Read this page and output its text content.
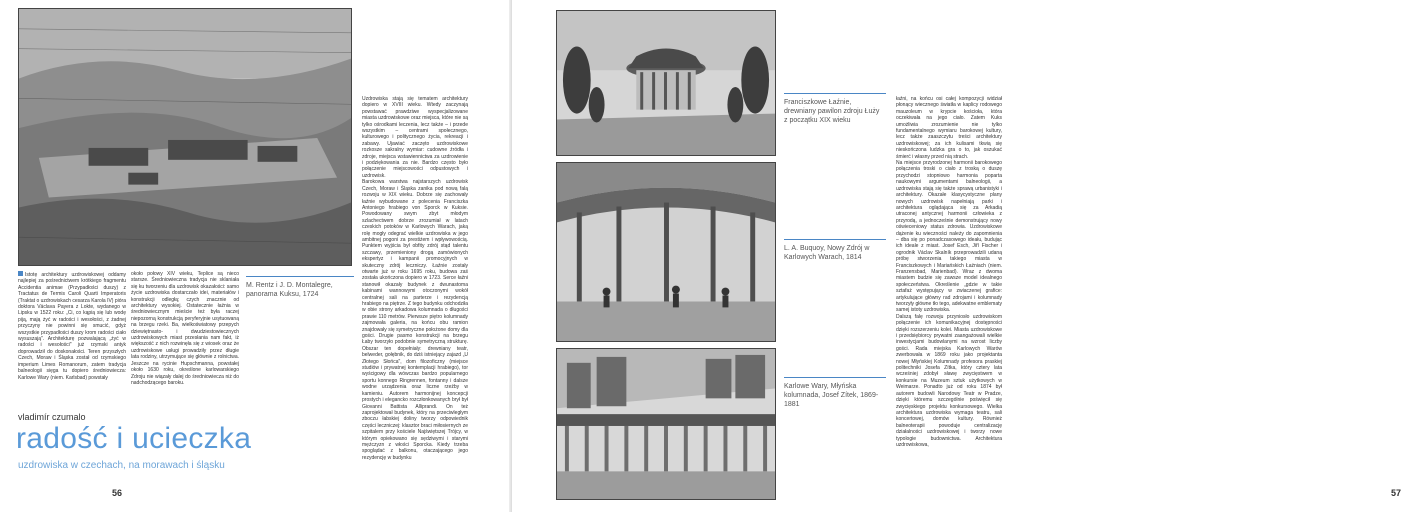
Istotę architektury uzdrowiskowej oddamy najlepiej za pośrednictwem krótkiego fragmentu Accidentia animae (Przypadłości duszy) z Tractatus de Termis Caroli Quarti Imperatoris (Traktat o uzdrowiskach cesarza Karola IV) pióra doktora Václava Payera z Lokte, wydanego w Lipsku w 1522 roku: „Ci, co kąpią się lub wodę piją, mają żyć w radości i wesołości, z żadnej przyczyny nie powinni się smucić, gdyż wszystkie przypadłości duszy krom radości ciało wysuszają". Architekturę pozwalającą „żyć w radości i wesołości" już rzymski antyk doprowadził do doskonałości. Teren przyszłych Czech, Moraw i Śląska został od rzymskiego imperium Limes Romanorum, zatem tradycja balneologii sięga tu dopiero średniowiecza: Karlowe Wary (niem. Karlsbad) powstały

około połowy XIV wieku, Teplice są nieco starsze. Średniowieczna tradycja nie sklaniała się ku tworzeniu dla uzdrowisk okazałości: samo życie uzdrowiska dostarczało idei, materiałów i konstrukcji odległą; czych znacznie od architektury wysokiej. Ostatecznie łaźnia w średniowiecznym mieście też była raczej niepozorną konstrukcją peryferyjnie usytuowaną na brzegu rzeki. Ba, wielkoświatowy przepych dziewiętnasto- i dwudziestowiecznych uzdrowiskowych miast przesłania nam fakt, iż większość z nich rozwinęła się z wiosek oraz że uzdrowiskowe usługi prowadziły przez długie lata rodziny, utrzymujące się głównie z rolnictwa. Jeszcze na rycinie Hupschmanna, powstałej około 1630 roku, określone karlowarskiego Zdroju nie wiązały dalej do średniowiecza niż do nadchodzącego baroku.

M. Rentz i J. D. Montalegre, panorama Kuksu, 1724
vladimír czumalo
radość i ucieczka
uzdrowiska w czechach, na morawach i śląsku

Uzdrowiska stają się tematem architektury dopiero w XVIII wieku. Wtedy zaczynają powstawać prawdziwe wyspecjalizowane miasta uzdrowiskowe oraz miejsca, które nie są tylko ośrodkami leczenia, lecz także – i przede wszystkim – centrami społecznego, kulturowego i politycznego życia, rekreacji i zabawy. Ujawiać zaczęto uzdrowiskowe rozkosze sakralny wymiar: cudowne źródła i zdroje, miejsca wstawiennictwa za uzdrowienie i podziękowania za nie. Bardzo często było połączenie miejscowości odpustowych i uzdrowisk.

Barokowa warstwa najstarszych uzdrowisk Czech, Moraw i Śląska zanika pod nową falą rozwoju w XIX wieku. Dobrze się zachowały łaźnie wybudowane z polecenia Franciszka Antoniego hrabiego von Sporck w Kuksie. Powodowany swym zbyt młodym szlachectwem dobrze zrozumiał w latach czeskich potoków w Karlowych Warach, jaką rolę mogły odegrać wielkie uzdrowiska w jego ambitnej pogoni za prestiżem i wpływowością. Punktem wyjścia był obfity zdrój stąd talentu szczawy, przemieniony drogą zamówionych ekspertyz i kampanii promocyjnych w skuteczny zdrój leczniczy. Łaźnie zostały otwarte już w roku 1695 roku, budowa zaś została ukończona dopiero w 1723. Serce łaźni stanowił okazały budynek z dwunastoma kabinami wannowymi otoczonymi wokół centralnej sali na parterze i rezydencją hrabiego na piętrze. Z tego budynku odchodziła w obie strony arkadowa kolumnada o długości prawie 110 metrów. Pierwsze piętro kolumnady zajmowała galeria, na końcu obu ramion znajdowały się symetryczne położone domy dla gości. Drugie pasmo konstrukcji na brzegu Łaby tworzyło podobnie symetryczną strukturę. Obszar ten dopełniały: drewniany teatr, belweder, gołębnik, do dziś istniejący zajazd „U Złotego Słońca", dom filozoficzny (miejsce studiów i prywatnej kontemplacji hrabiego), tor wyścigowy dla wówczas bardzo popularnego sportu konnego Ringrennen, fontanny i dalsze wodne urządzenia oraz liczne rzeźby w kamieniu. Autorem harmonijnej koncepcji prostych i elegancko rozczłonkowanych brył był Giovanni Battista Alliprandi. On też zaprojektował budynek, który na przeciwległym zboczu łabskiej doliny tworzy odpowiednik części leczniczej: klasztor braci miłosiernych ze szpitalem przy kościele Najświętszej Trójcy, w którym opiekowano się sędziwymi i starymi mężczyzn z włości Sporcka. Kiedy trzeba spoglądać z balkonu, otaczającego jego rezydencję w budynku

56	57
Franciszkowe Łaźnie, drewniany pawilon zdroju Łuży z początku XIX wieku
L. A. Buquoy, Nowy Zdrój w Karlowych Warach, 1814
Karlowe Wary, Młyńska kolumnada, Josef Zítek, 1869-1881

łaźni, na końcu osi całej kompozycji widział płonący wiecznego światła w kaplicy rodowego mauzoleum w krypcie kościoła, która oczekiwała na jego ciało. Zatem Kuks umożliwia zrozumienie nie tylko fundamentalnego wymiaru barokowej kultury, lecz także zaaszczytu treści architektury uzdrowiskowej; za ich kulisami tkwią się nieskończona ludzka gra o to, jak oszukać śmierć i własny przed nią strach.

Na miejsce przyrodzonej harmonii barokowego połączenia troski o ciało z troską o duszę przychodzi stopniowo harmonia poparta naukowymi argumentami balneologii, a uzdrowiska stają się także sprawą urbanistyki i architektury. Okazałe klasycystyczne plany nowych uzdrowisk napełniają parki i architektura oglądająca się za Arkadią utraconej antycznej harmonii człowieka z przyrodą, a jednocześnie demonstrujący nowy oświeceniowy status zdrowia. Uzdrowiskowe dążenie ku wieczności należy do zapomnienia – dba się po ponadczasowego ideału, budując ich ideale z miast. Josef Esch, Jiří Fischer i ogrodnik Václav Skalník przeprowadzili udaną próbę stworzenia takiego miasta w Franciszkowych i Mariańskich Łaźniach (niem. Franzensbad, Marienbad). Wraz z dwoma miastem budzie się zawsze model idealnego społeczeństwa. Określenie „gdzie w takie sztafaż występujący w zwiaczenej grafice: artykulujące główny rad zdrojami i kolumnady tworzyły główne tło tego, adekwatne emblematy samej istoty uzdrowiska.

Dalszą falę rozwoju przyniosło uzdrowiskom połączenie ich komunikacyjnej dostępności dzięki rozszerzeniu kolei. Miasta uzdrowiskowe i przedsiębiorcy prywatni zaangażowali wielkie inwestycjami budowlanymi na wzrost liczby gości. Rada miejska Karlowych Warów zwerbowała w 1869 roku jako projektanta nowej Młyńskiej Kolumnady profesora praskiej politechniki Josefa Zítka, który cztery lata wcześniej zdobył sławę zwycięstwem w konkursie na Muzeum sztuk użytkowych w Weimarze. Ponadto już od roku 1874 był autorem budowli Narodowy Teatr w Pradze, dzięki któremu szczególnie poświęcił się zwycięskiego projektu konkursowego. Wielka architektura uzdrowiska wymaga teatru, sali koncertowej, domów kultury. Również balneoterapii powoduje centralizację działalności uzdrowiskowej i tworzy nowe typologie budownictwa. Architektura uzdrowiskowa,
